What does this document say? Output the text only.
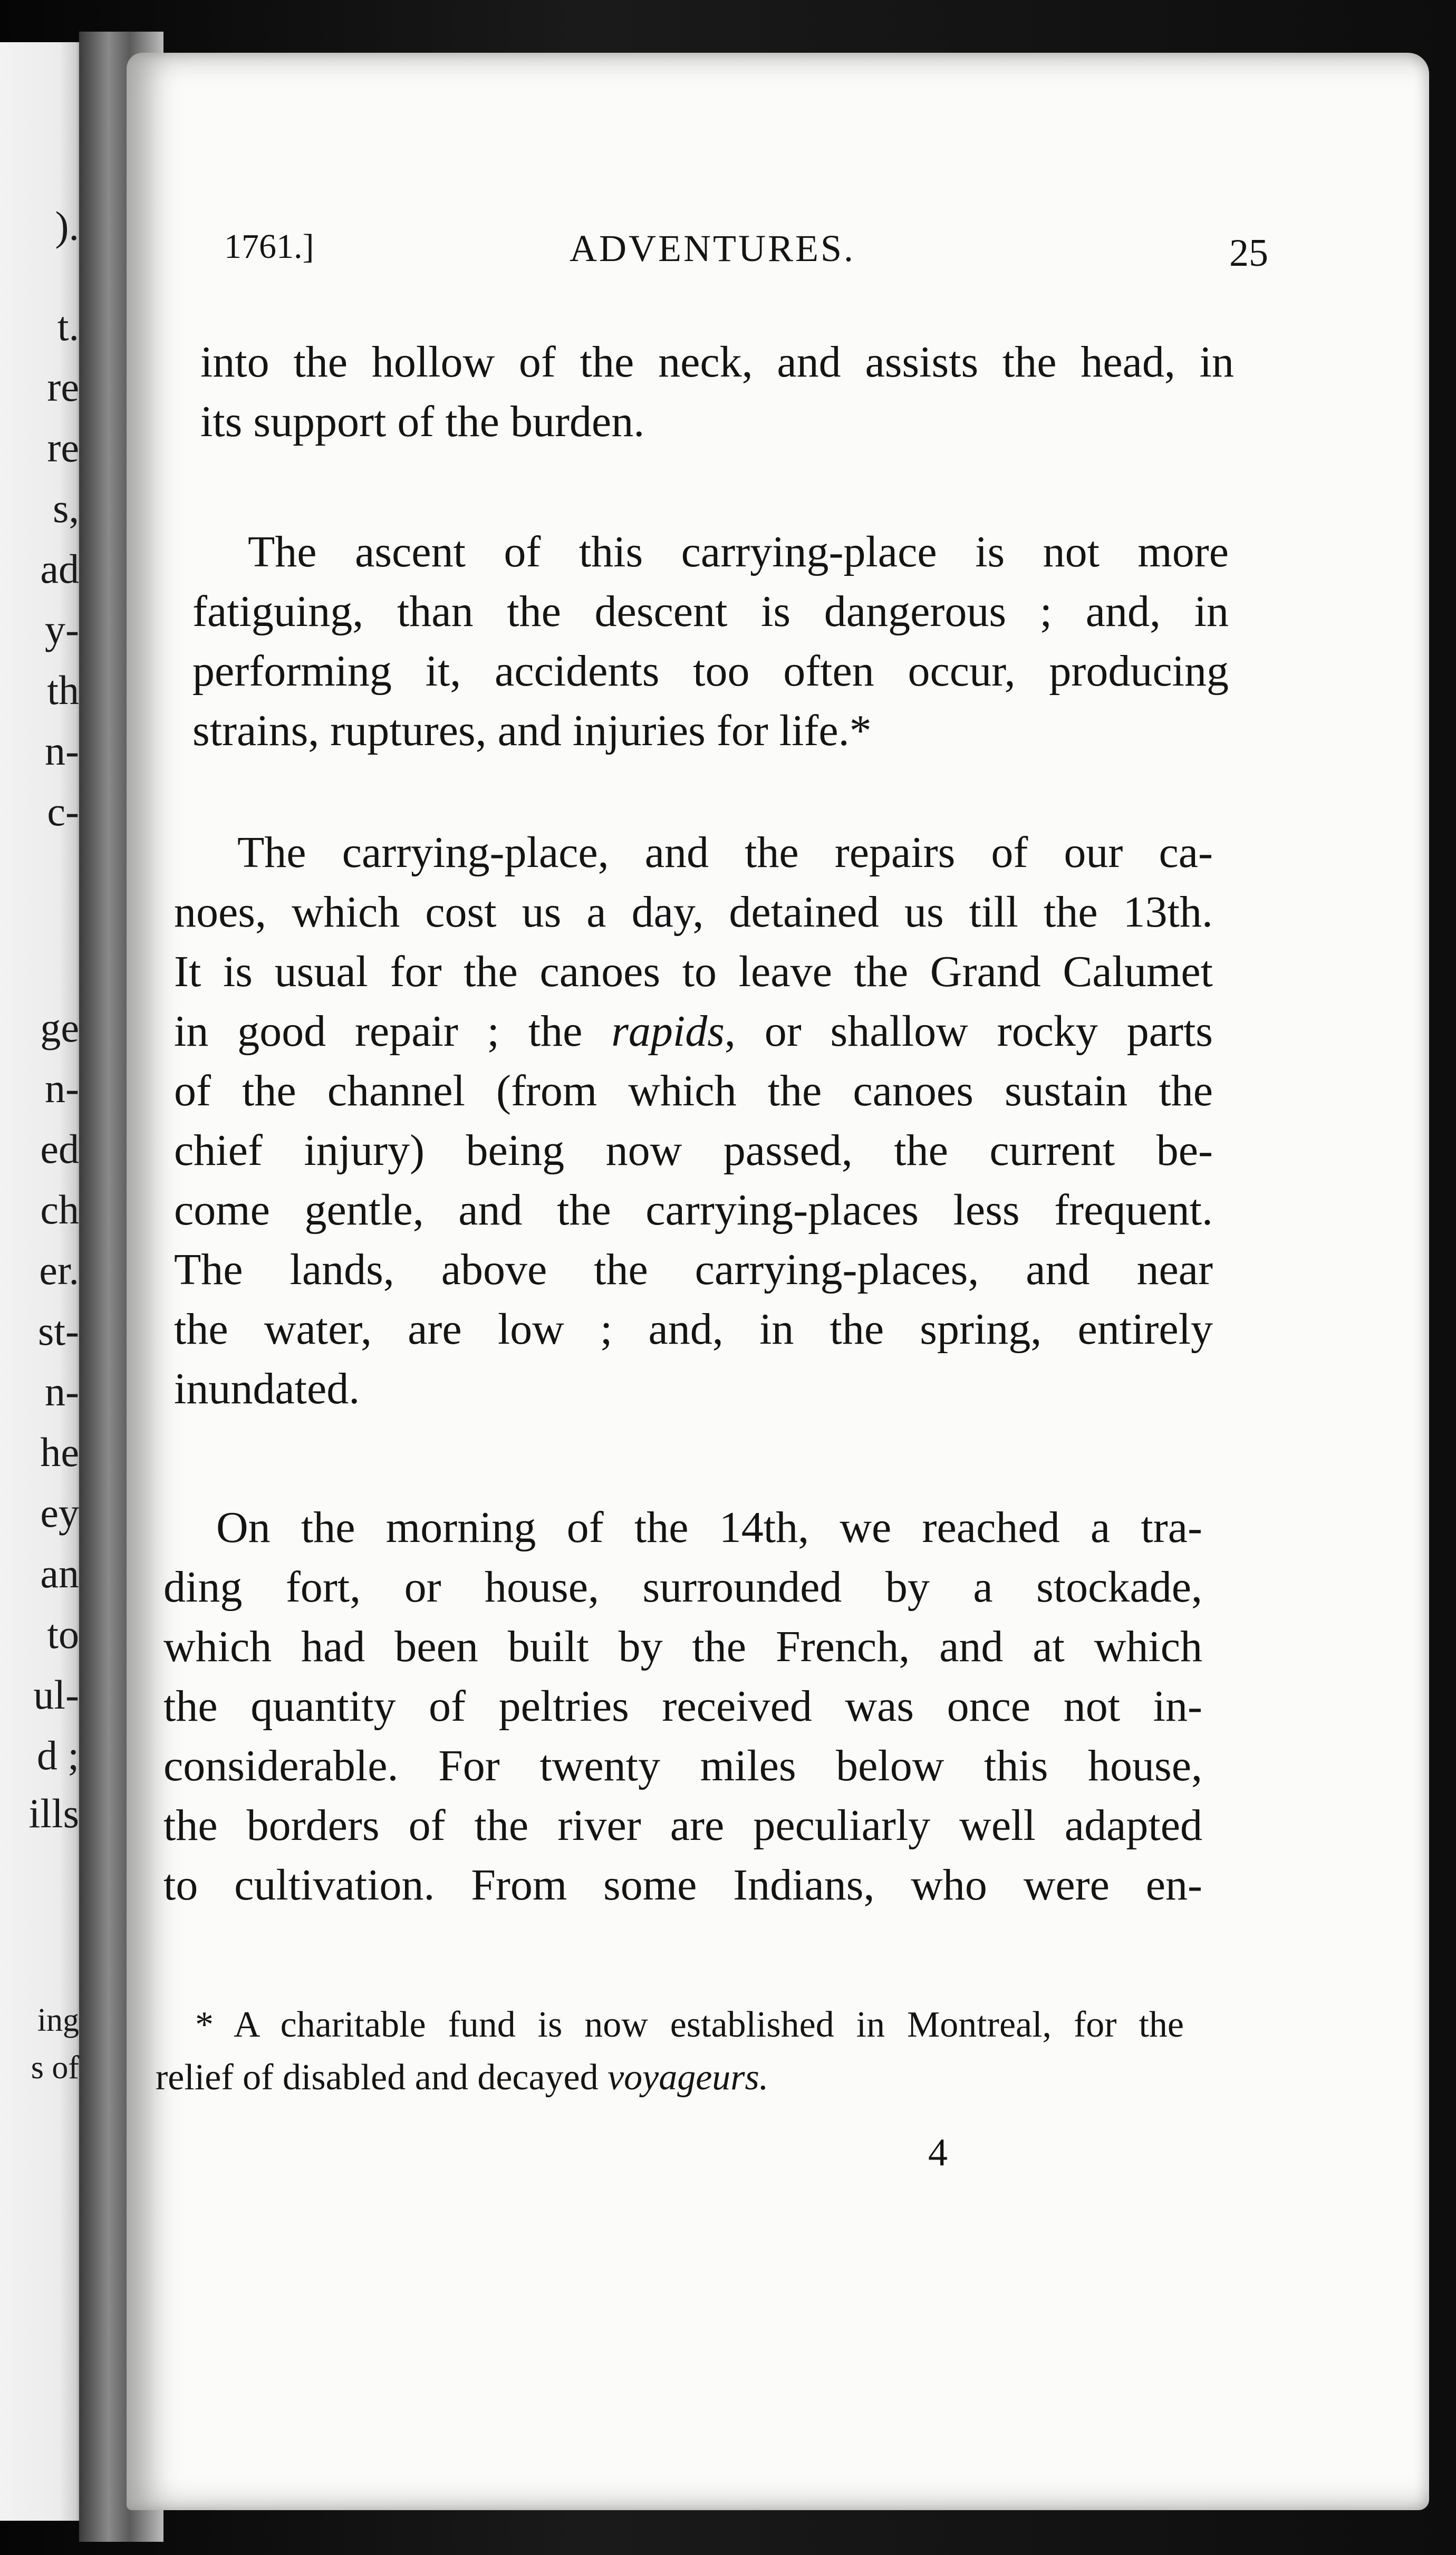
).
t.
re
re
s,
ad
y-
th
n-
c-
ge
n-
ed
ch
er.
st-
n-
he
ey
an
to
ul-
d ;
ills
ing
s of
1761.]	ADVENTURES.	25
into the hollow of the neck, and assists the head, in
its support of the burden.
The ascent of this carrying-place is not more
fatiguing, than the descent is dangerous ; and, in
performing it, accidents too often occur, producing
strains, ruptures, and injuries for life.*
The carrying-place, and the repairs of our ca-
noes, which cost us a day, detained us till the 13th.
It is usual for the canoes to leave the Grand Calumet
in good repair ; the rapids, or shallow rocky parts
of the channel (from which the canoes sustain the
chief injury) being now passed, the current be-
come gentle, and the carrying-places less frequent.
The lands, above the carrying-places, and near
the water, are low ; and, in the spring, entirely
inundated.
On the morning of the 14th, we reached a tra-
ding fort, or house, surrounded by a stockade,
which had been built by the French, and at which
the quantity of peltries received was once not in-
considerable. For twenty miles below this house,
the borders of the river are peculiarly well adapted
to cultivation. From some Indians, who were en-
* A charitable fund is now established in Montreal, for the
relief of disabled and decayed voyageurs.
4
